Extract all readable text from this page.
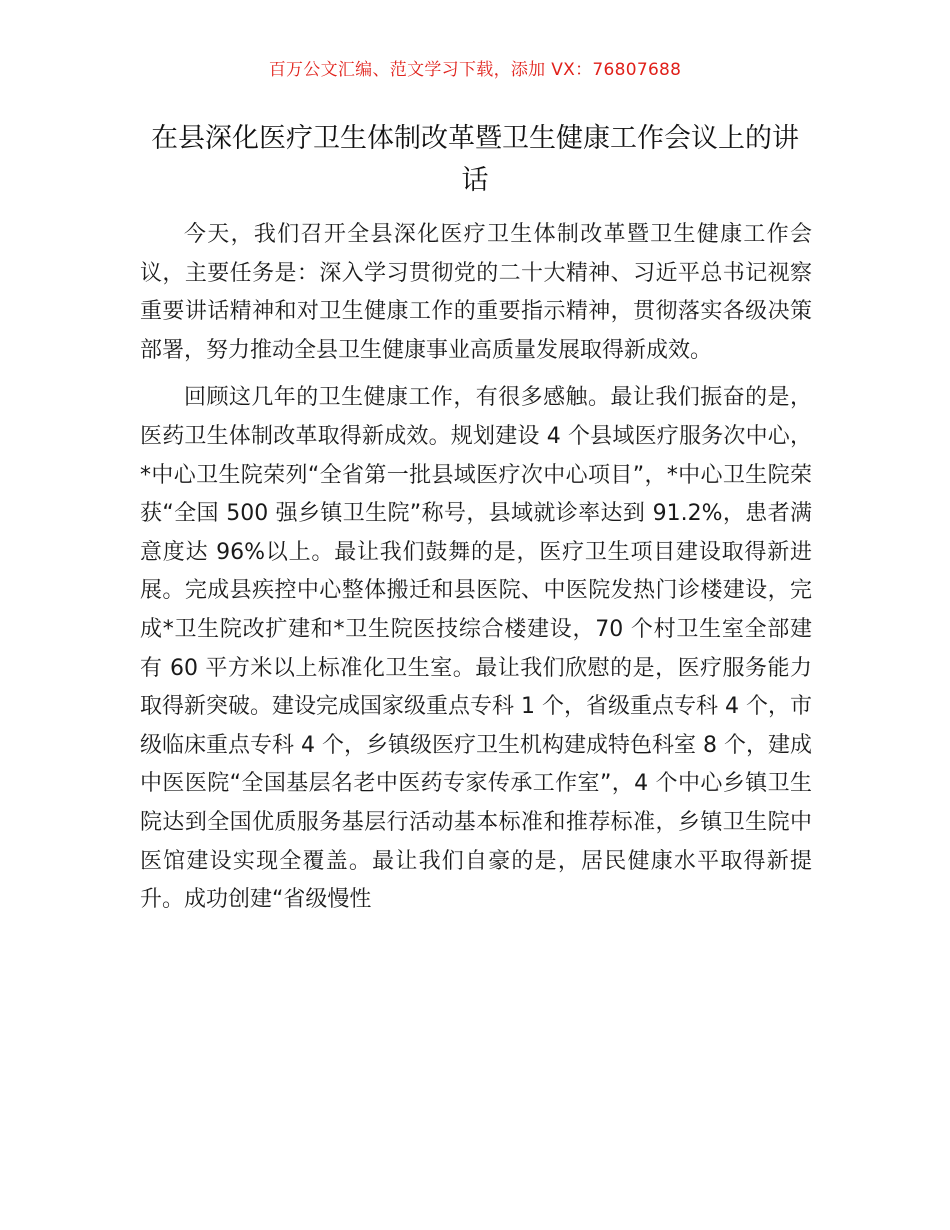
百万公文汇编、范文学习下载，添加 VX：76807688
在县深化医疗卫生体制改革暨卫生健康工作会议上的讲话

今天，我们召开全县深化医疗卫生体制改革暨卫生健康工作会议，主要任务是：深入学习贯彻党的二十大精神、习近平总书记视察重要讲话精神和对卫生健康工作的重要指示精神，贯彻落实各级决策部署，努力推动全县卫生健康事业高质量发展取得新成效。

回顾这几年的卫生健康工作，有很多感触。最让我们振奋的是，医药卫生体制改革取得新成效。规划建设 4 个县域医疗服务次中心，*中心卫生院荣列“全省第一批县域医疗次中心项目”，*中心卫生院荣获“全国 500 强乡镇卫生院”称号，县域就诊率达到 91.2%，患者满意度达 96%以上。最让我们鼓舞的是，医疗卫生项目建设取得新进展。完成县疾控中心整体搬迁和县医院、中医院发热门诊楼建设，完成*卫生院改扩建和*卫生院医技综合楼建设，70 个村卫生室全部建有 60 平方米以上标准化卫生室。最让我们欣慰的是，医疗服务能力取得新突破。建设完成国家级重点专科 1 个，省级重点专科 4 个，市级临床重点专科 4 个，乡镇级医疗卫生机构建成特色科室 8 个，建成中医医院“全国基层名老中医药专家传承工作室”，4 个中心乡镇卫生院达到全国优质服务基层行活动基本标准和推荐标准，乡镇卫生院中医馆建设实现全覆盖。最让我们自豪的是，居民健康水平取得新提升。成功创建“省级慢性
